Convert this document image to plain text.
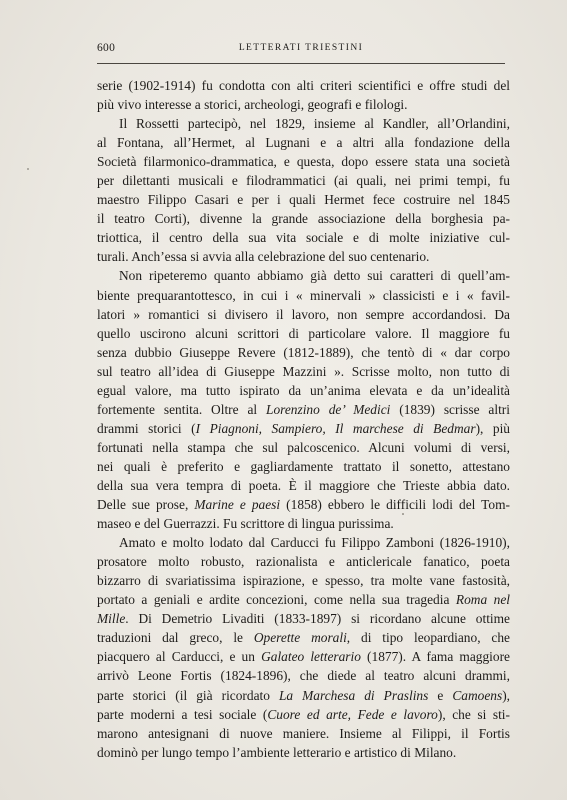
600	LETTERATI TRIESTINI
serie (1902-1914) fu condotta con alti criteri scientifici e offre studi del
più vivo interesse a storici, archeologi, geografi e filologi.
Il Rossetti partecipò, nel 1829, insieme al Kandler, all’Orlandini,
al Fontana, all’Hermet, al Lugnani e a altri alla fondazione della
Società filarmonico-drammatica, e questa, dopo essere stata una società
per dilettanti musicali e filodrammatici (ai quali, nei primi tempi, fu
maestro Filippo Casari e per i quali Hermet fece costruire nel 1845
il teatro Corti), divenne la grande associazione della borghesia pa-
triottica, il centro della sua vita sociale e di molte iniziative cul-
turali. Anch’essa si avvia alla celebrazione del suo centenario.
Non ripeteremo quanto abbiamo già detto sui caratteri di quell’am-
biente prequarantottesco, in cui i « minervali » classicisti e i « favil-
latori » romantici si divisero il lavoro, non sempre accordandosi. Da
quello uscirono alcuni scrittori di particolare valore. Il maggiore fu
senza dubbio Giuseppe Revere (1812-1889), che tentò di « dar corpo
sul teatro all’idea di Giuseppe Mazzini ». Scrisse molto, non tutto di
egual valore, ma tutto ispirato da un’anima elevata e da un’idealità
fortemente sentita. Oltre al Lorenzino de’ Medici (1839) scrisse altri
drammi storici (I Piagnoni, Sampiero, Il marchese di Bedmar), più
fortunati nella stampa che sul palcoscenico. Alcuni volumi di versi,
nei quali è preferito e gagliardamente trattato il sonetto, attestano
della sua vera tempra di poeta. È il maggiore che Trieste abbia dato.
Delle sue prose, Marine e paesi (1858) ebbero le difficili lodi del Tom-
maseo e del Guerrazzi. Fu scrittore di lingua purissima.
Amato e molto lodato dal Carducci fu Filippo Zamboni (1826-1910),
prosatore molto robusto, razionalista e anticlericale fanatico, poeta
bizzarro di svariatissima ispirazione, e spesso, tra molte vane fastosità,
portato a geniali e ardite concezioni, come nella sua tragedia Roma nel
Mille. Di Demetrio Livaditi (1833-1897) si ricordano alcune ottime
traduzioni dal greco, le Operette morali, di tipo leopardiano, che
piacquero al Carducci, e un Galateo letterario (1877). A fama maggiore
arrivò Leone Fortis (1824-1896), che diede al teatro alcuni drammi,
parte storici (il già ricordato La Marchesa di Praslins e Camoens),
parte moderni a tesi sociale (Cuore ed arte, Fede e lavoro), che si sti-
marono antesignani di nuove maniere. Insieme al Filippi, il Fortis
dominò per lungo tempo l’ambiente letterario e artistico di Milano.
